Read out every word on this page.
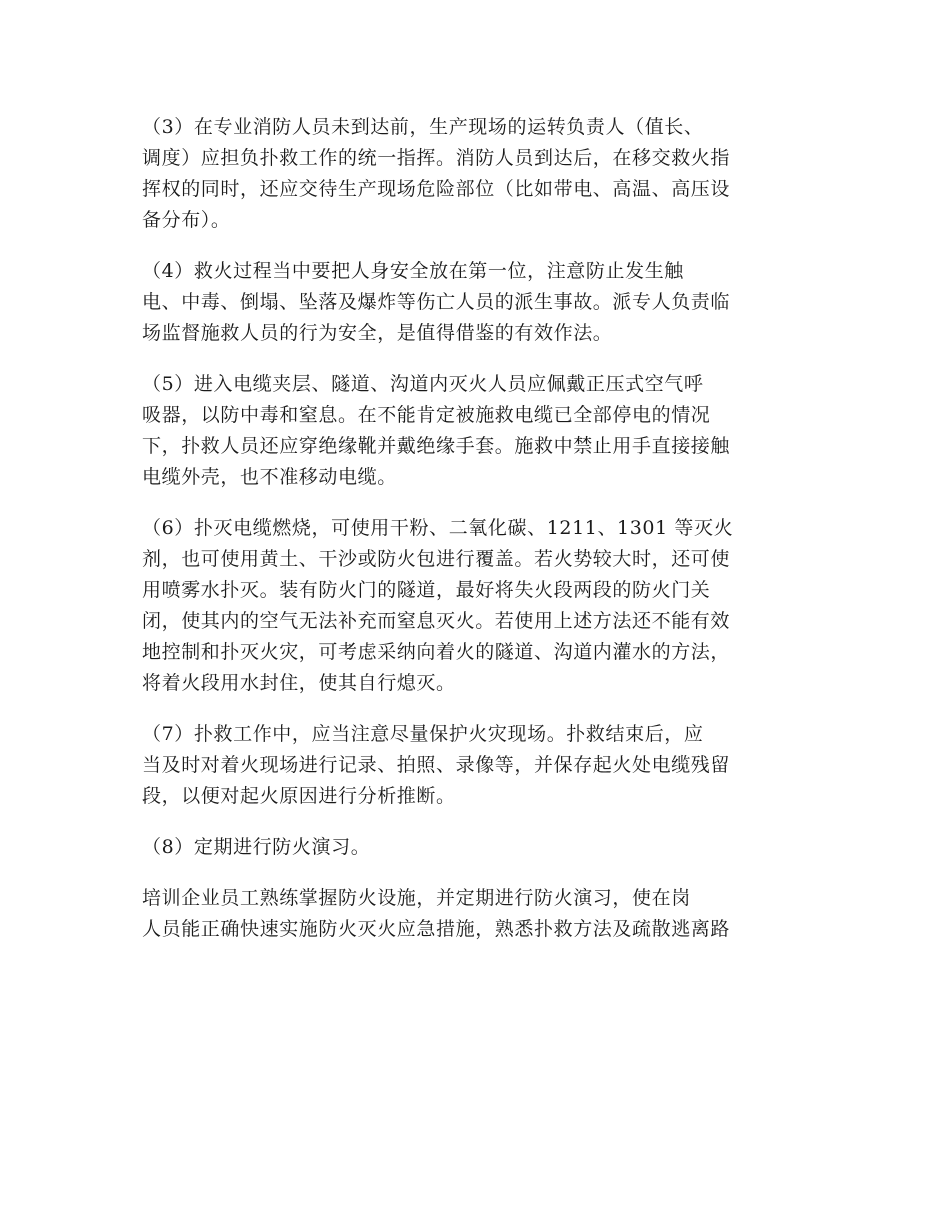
（3）在专业消防人员未到达前，生产现场的运转负责人（值长、
调度）应担负扑救工作的统一指挥。消防人员到达后，在移交救火指
挥权的同时，还应交待生产现场危险部位（比如带电、高温、高压设
备分布）。

（4）救火过程当中要把人身安全放在第一位，注意防止发生触
电、中毒、倒塌、坠落及爆炸等伤亡人员的派生事故。派专人负责临
场监督施救人员的行为安全，是值得借鉴的有效作法。

（5）进入电缆夹层、隧道、沟道内灭火人员应佩戴正压式空气呼
吸器，以防中毒和窒息。在不能肯定被施救电缆已全部停电的情况
下，扑救人员还应穿绝缘靴并戴绝缘手套。施救中禁止用手直接接触
电缆外壳，也不准移动电缆。

（6）扑灭电缆燃烧，可使用干粉、二氧化碳、1211、1301 等灭火
剂，也可使用黄土、干沙或防火包进行覆盖。若火势较大时，还可使
用喷雾水扑灭。装有防火门的隧道，最好将失火段两段的防火门关
闭，使其内的空气无法补充而窒息灭火。若使用上述方法还不能有效
地控制和扑灭火灾，可考虑采纳向着火的隧道、沟道内灌水的方法，
将着火段用水封住，使其自行熄灭。

（7）扑救工作中，应当注意尽量保护火灾现场。扑救结束后，应
当及时对着火现场进行记录、拍照、录像等，并保存起火处电缆残留
段，以便对起火原因进行分析推断。

（8）定期进行防火演习。

培训企业员工熟练掌握防火设施，并定期进行防火演习，使在岗
人员能正确快速实施防火灭火应急措施，熟悉扑救方法及疏散逃离路
